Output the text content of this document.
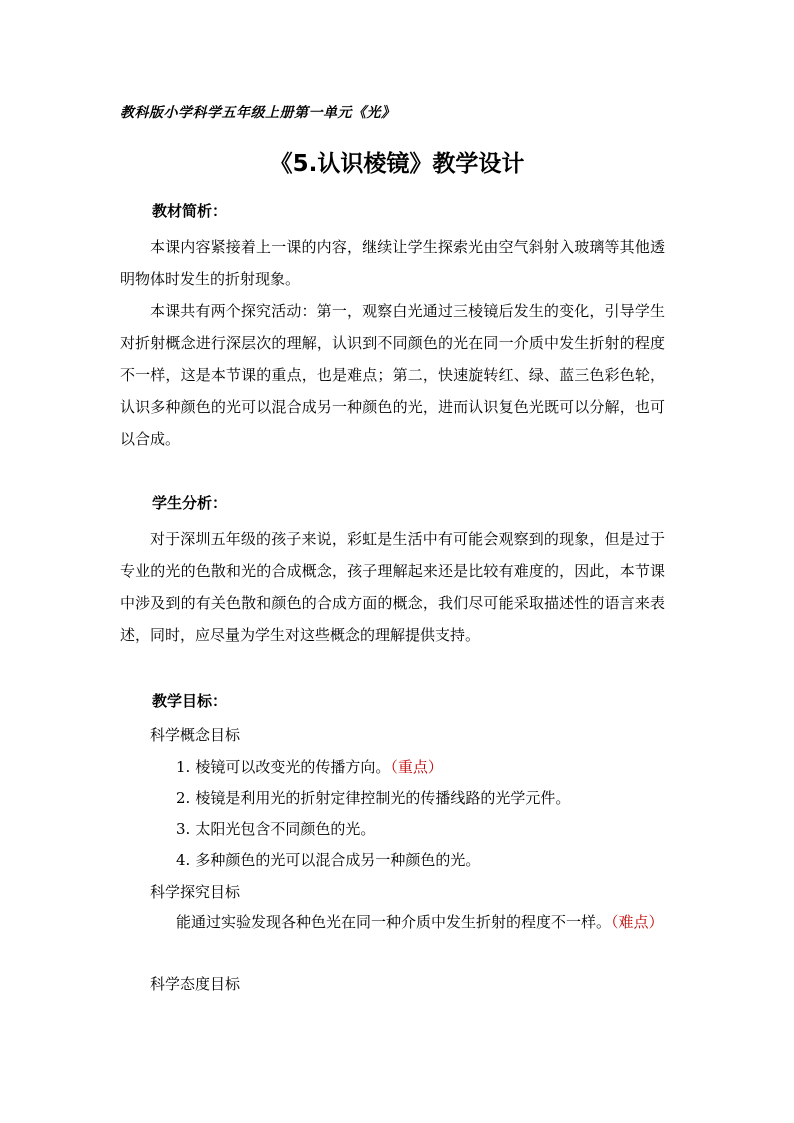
教科版小学科学五年级上册第一单元《光》
《5.认识棱镜》教学设计
教材简析：

本课内容紧接着上一课的内容，继续让学生探索光由空气斜射入玻璃等其他透明物体时发生的折射现象。

本课共有两个探究活动：第一，观察白光通过三棱镜后发生的变化，引导学生对折射概念进行深层次的理解，认识到不同颜色的光在同一介质中发生折射的程度不一样，这是本节课的重点，也是难点；第二，快速旋转红、绿、蓝三色彩色轮，认识多种颜色的光可以混合成另一种颜色的光，进而认识复色光既可以分解，也可以合成。

学生分析：

对于深圳五年级的孩子来说，彩虹是生活中有可能会观察到的现象，但是过于专业的光的色散和光的合成概念，孩子理解起来还是比较有难度的，因此，本节课中涉及到的有关色散和颜色的合成方面的概念，我们尽可能采取描述性的语言来表述，同时，应尽量为学生对这些概念的理解提供支持。

教学目标：
科学概念目标
1. 棱镜可以改变光的传播方向。（重点）
2. 棱镜是利用光的折射定律控制光的传播线路的光学元件。
3. 太阳光包含不同颜色的光。
4. 多种颜色的光可以混合成另一种颜色的光。
科学探究目标

能通过实验发现各种色光在同一种介质中发生折射的程度不一样。（难点）

科学态度目标
